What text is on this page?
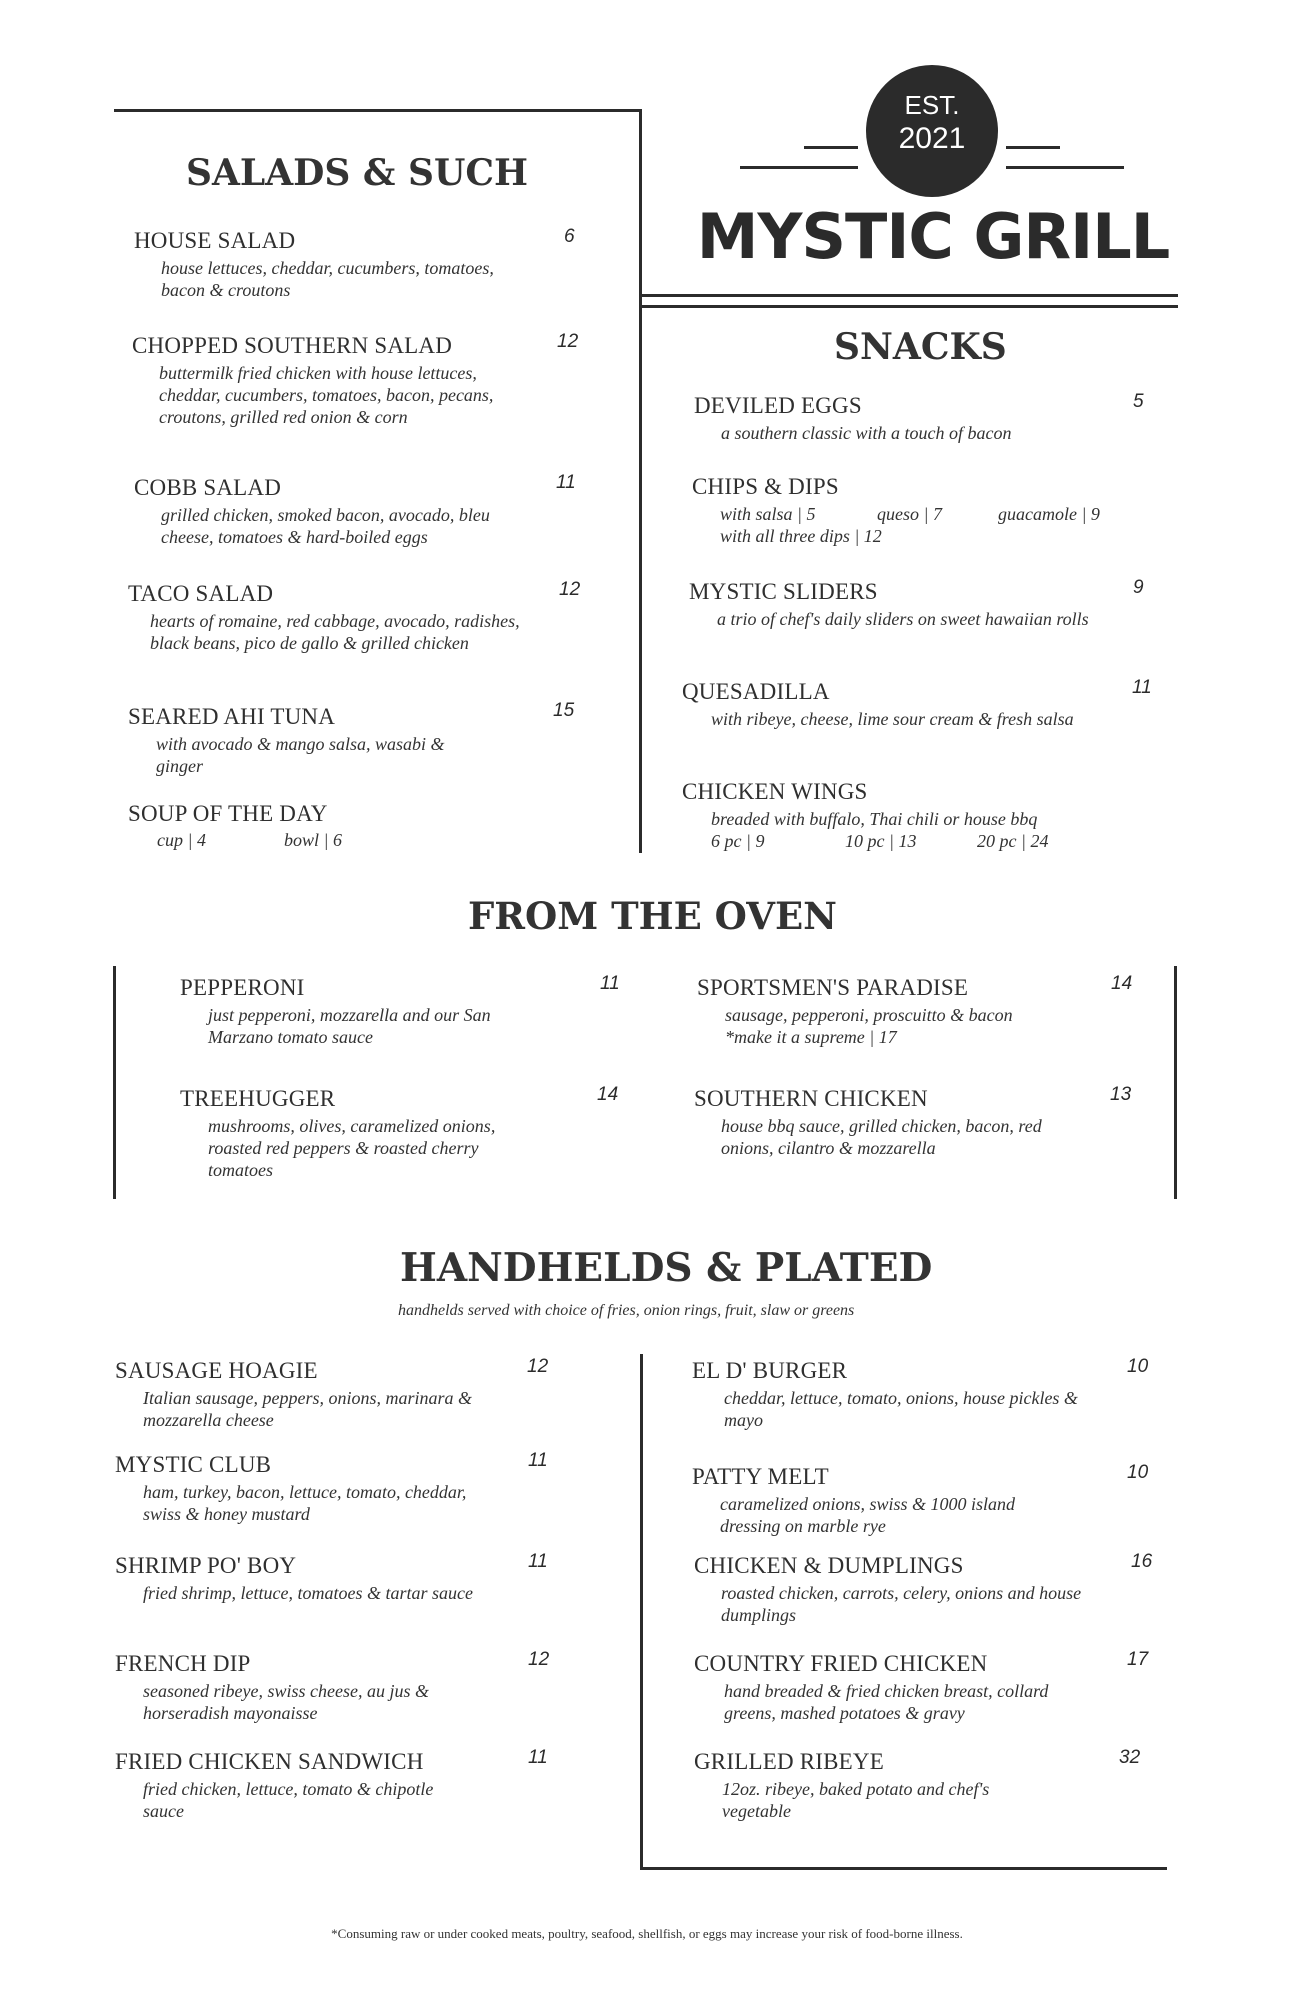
EST.
2021
MYSTIC GRILL
SALADS & SUCH
HOUSE SALAD	6
house lettuces, cheddar, cucumbers, tomatoes, bacon & croutons
CHOPPED SOUTHERN SALAD	12
buttermilk fried chicken with house lettuces, cheddar, cucumbers, tomatoes, bacon, pecans, croutons, grilled red onion & corn
COBB SALAD	11
grilled chicken, smoked bacon, avocado, bleu cheese, tomatoes & hard-boiled eggs
TACO SALAD	12
hearts of romaine, red cabbage, avocado, radishes, black beans, pico de gallo & grilled chicken
SEARED AHI TUNA	15
with avocado & mango salsa, wasabi & ginger
SOUP OF THE DAY
cup | 4	bowl | 6
SNACKS
DEVILED EGGS	5
a southern classic with a touch of bacon
CHIPS & DIPS
with salsa | 5	queso | 7	guacamole | 9
with all three dips | 12
MYSTIC SLIDERS	9
a trio of chef's daily sliders on sweet hawaiian rolls
QUESADILLA	11
with ribeye, cheese, lime sour cream & fresh salsa
CHICKEN WINGS
breaded with buffalo, Thai chili or house bbq
6 pc | 9	10 pc | 13	20 pc | 24
FROM THE OVEN
PEPPERONI	11
just pepperoni, mozzarella and our San Marzano tomato sauce
SPORTSMEN'S PARADISE	14
sausage, pepperoni, proscuitto & bacon
*make it a supreme | 17
TREEHUGGER	14
mushrooms, olives, caramelized onions, roasted red peppers & roasted cherry tomatoes
SOUTHERN CHICKEN	13
house bbq sauce, grilled chicken, bacon, red onions, cilantro & mozzarella
HANDHELDS & PLATED
handhelds served with choice of fries, onion rings, fruit, slaw or greens
SAUSAGE HOAGIE	12
Italian sausage, peppers, onions, marinara & mozzarella cheese
MYSTIC CLUB	11
ham, turkey, bacon, lettuce, tomato, cheddar, swiss & honey mustard
SHRIMP PO' BOY	11
fried shrimp, lettuce, tomatoes & tartar sauce
FRENCH DIP	12
seasoned ribeye, swiss cheese, au jus & horseradish mayonaisse
FRIED CHICKEN SANDWICH	11
fried chicken, lettuce, tomato & chipotle sauce
EL D' BURGER	10
cheddar, lettuce, tomato, onions, house pickles & mayo
PATTY MELT	10
caramelized onions, swiss & 1000 island dressing on marble rye
CHICKEN & DUMPLINGS	16
roasted chicken, carrots, celery, onions and house dumplings
COUNTRY FRIED CHICKEN	17
hand breaded & fried chicken breast, collard greens, mashed potatoes & gravy
GRILLED RIBEYE	32
12oz. ribeye, baked potato and chef's vegetable
*Consuming raw or under cooked meats, poultry, seafood, shellfish, or eggs may increase your risk of food-borne illness.
